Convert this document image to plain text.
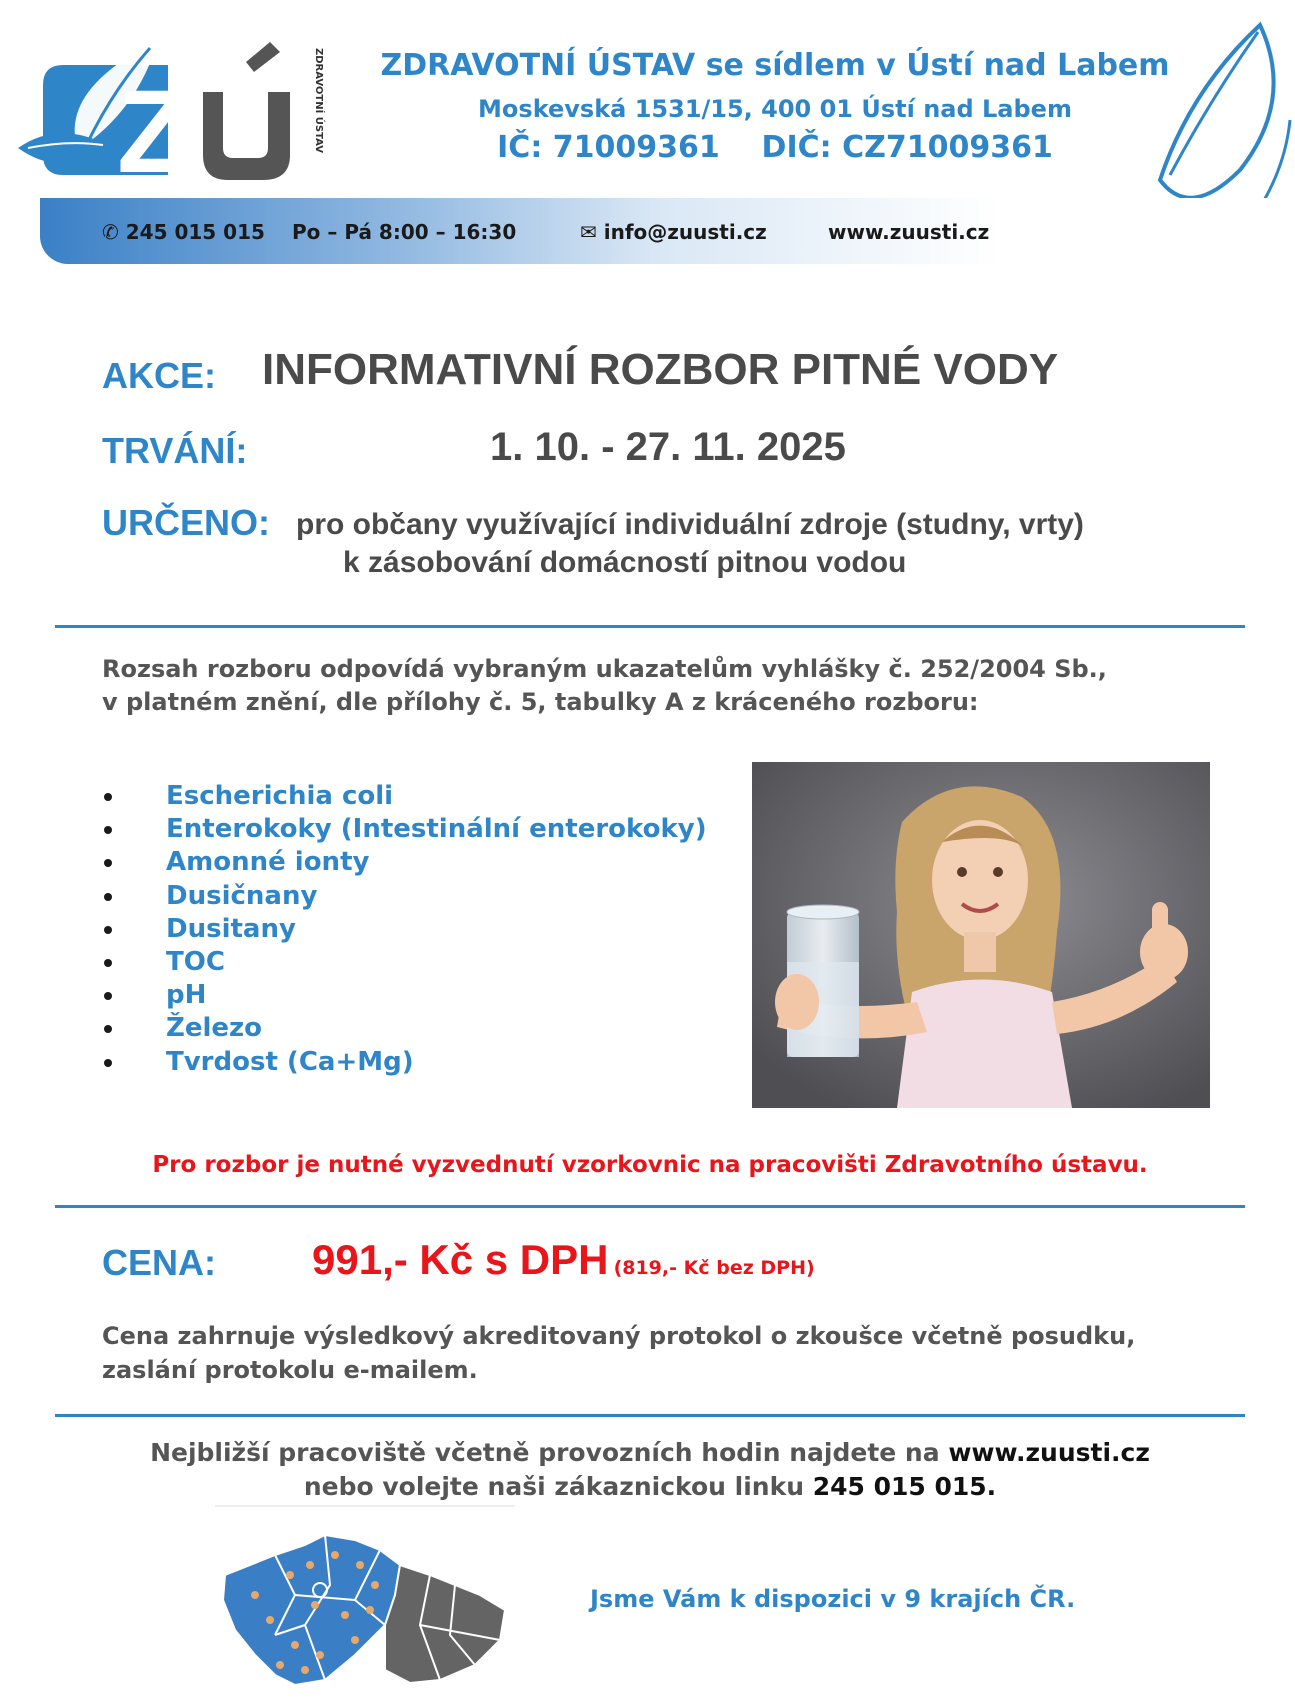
Z	ZDRAVOTNÍ ÚSTAV	ZDRAVOTNÍ ÚSTAV se sídlem v Ústí nad Labem
Moskevská 1531/15, 400 01 Ústí nad Labem
IČ: 71009361 DIČ: CZ71009361
✆ 245 015 015 Po – Pá 8:00 – 16:30	✉ info@zuusti.cz	www.zuusti.cz
AKCE: INFORMATIVNÍ ROZBOR PITNÉ VODY
TRVÁNÍ:	1. 10. - 27. 11. 2025
URČENO: pro občany využívající individuální zdroje (studny, vrty)
k zásobování domácností pitnou vodou
Rozsah rozboru odpovídá vybraným ukazatelům vyhlášky č. 252/2004 Sb.,
v platném znění, dle přílohy č. 5, tabulky A z kráceného rozboru:
Escherichia coli
Enterokoky (Intestinální enterokoky)
Amonné ionty
Dusičnany
Dusitany
TOC
pH
Železo
Tvrdost (Ca+Mg)
Pro rozbor je nutné vyzvednutí vzorkovnic na pracovišti Zdravotního ústavu.
CENA: 991,- Kč s DPH (819,- Kč bez DPH)
Cena zahrnuje výsledkový akreditovaný protokol o zkoušce včetně posudku,
zaslání protokolu e-mailem.
Nejbližší pracoviště včetně provozních hodin najdete na www.zuusti.cz
nebo volejte naši zákaznickou linku 245 015 015.
Jsme Vám k dispozici v 9 krajích ČR.
